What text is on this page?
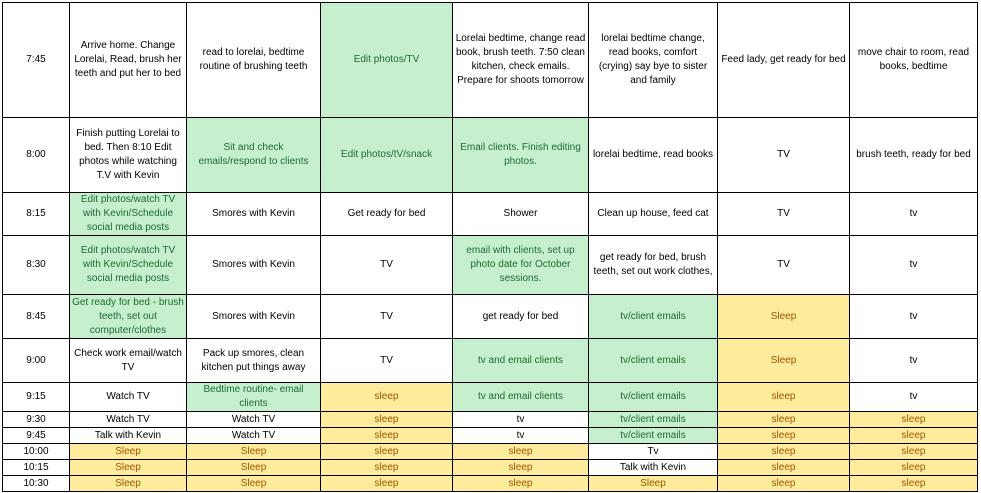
7:45	Arrive home. Change Lorelai, Read, brush her teeth and put her to bed	read to lorelai, bedtime routine of brushing teeth	Edit photos/TV	Lorelai bedtime, change read book, brush teeth. 7:50 clean kitchen, check emails. Prepare for shoots tomorrow	lorelai bedtime change, read books, comfort (crying) say bye to sister and family	Feed lady, get ready for bed	move chair to room, read books, bedtime
8:00	Finish putting Lorelai to bed. Then 8:10 Edit photos while watching T.V with Kevin	Sit and check emails/respond to clients	Edit photos/tV/snack	Email clients. Finish editing photos.	lorelai bedtime, read books	TV	brush teeth, ready for bed
8:15	Edit photos/watch TV with Kevin/Schedule social media posts	Smores with Kevin	Get ready for bed	Shower	Clean up house, feed cat	TV	tv
8:30	Edit photos/watch TV with Kevin/Schedule social media posts	Smores with Kevin	TV	email with clients, set up photo date for October sessions.	get ready for bed, brush teeth, set out work clothes,	TV	tv
8:45	Get ready for bed - brush teeth, set out computer/clothes	Smores with Kevin	TV	get ready for bed	tv/client emails	Sleep	tv
9:00	Check work email/watch TV	Pack up smores, clean kitchen put things away	TV	tv and email clients	tv/client emails	Sleep	tv
9:15	Watch TV	Bedtime routine- email clients	sleep	tv and email clients	tv/client emails	sleep	tv
9:30	Watch TV	Watch TV	sleep	tv	tv/client emails	sleep	sleep
9:45	Talk with Kevin	Watch TV	sleep	tv	tv/client emails	sleep	sleep
10:00	Sleep	Sleep	sleep	sleep	Tv	sleep	sleep
10:15	Sleep	Sleep	sleep	sleep	Talk with Kevin	sleep	sleep
10:30	Sleep	Sleep	sleep	sleep	Sleep	sleep	sleep
